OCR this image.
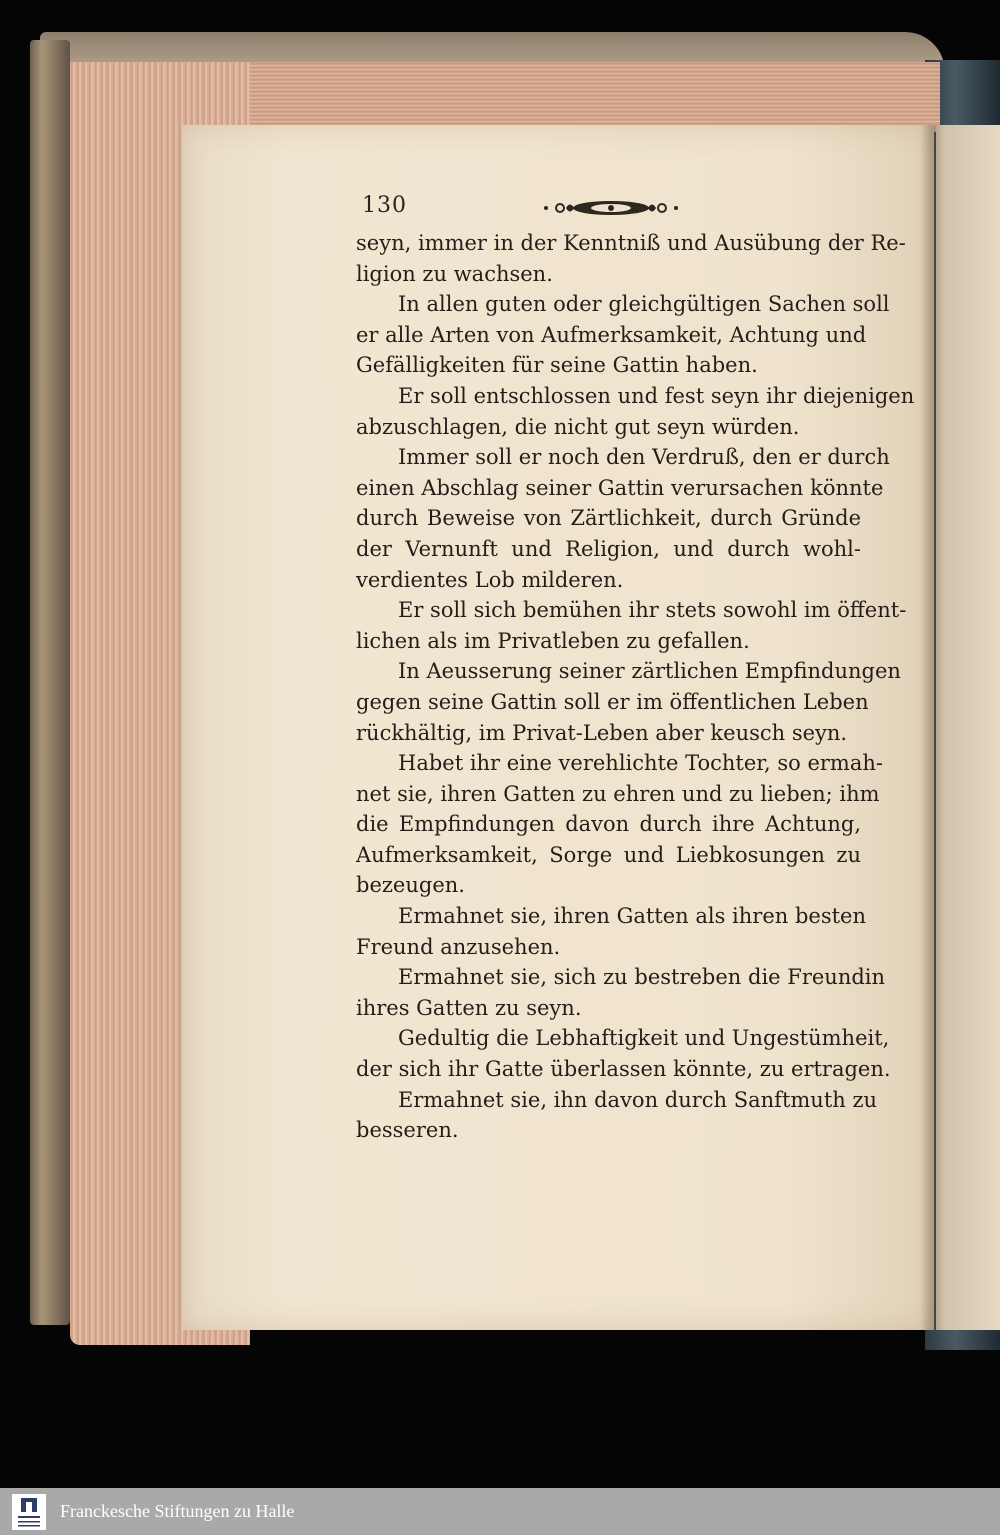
130
seyn, immer in der Kenntniß und Ausübung der Re-
ligion zu wachsen.
In allen guten oder gleichgültigen Sachen soll
er alle Arten von Aufmerksamkeit, Achtung und
Gefälligkeiten für seine Gattin haben.
Er soll entschlossen und fest seyn ihr diejenigen
abzuschlagen, die nicht gut seyn würden.
Immer soll er noch den Verdruß, den er durch
einen Abschlag seiner Gattin verursachen könnte
durch Beweise von Zärtlichkeit, durch Gründe
der Vernunft und Religion, und durch wohl-
verdientes Lob milderen.
Er soll sich bemühen ihr stets sowohl im öffent-
lichen als im Privatleben zu gefallen.
In Aeusserung seiner zärtlichen Empfindungen
gegen seine Gattin soll er im öffentlichen Leben
rückhältig, im Privat-Leben aber keusch seyn.
Habet ihr eine verehlichte Tochter, so ermah-
net sie, ihren Gatten zu ehren und zu lieben; ihm
die Empfindungen davon durch ihre Achtung,
Aufmerksamkeit, Sorge und Liebkosungen zu
bezeugen.
Ermahnet sie, ihren Gatten als ihren besten
Freund anzusehen.
Ermahnet sie, sich zu bestreben die Freundin
ihres Gatten zu seyn.
Gedultig die Lebhaftigkeit und Ungestümheit,
der sich ihr Gatte überlassen könnte, zu ertragen.
Ermahnet sie, ihn davon durch Sanftmuth zu
besseren.
Franckesche Stiftungen zu Halle
